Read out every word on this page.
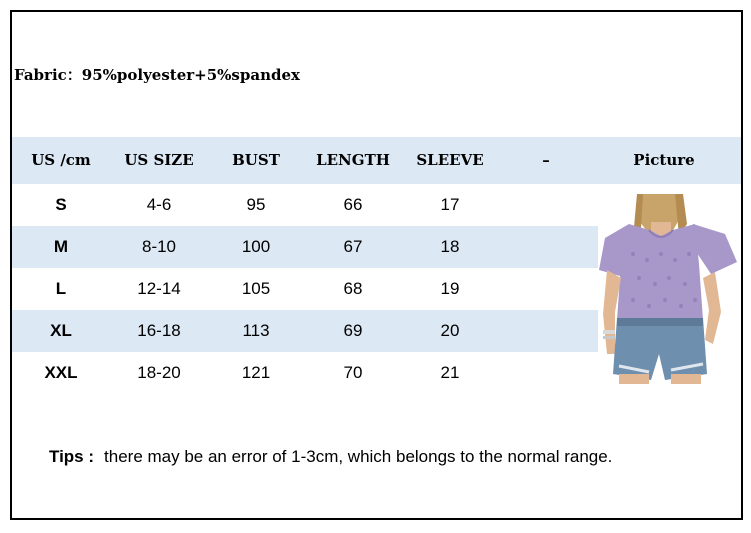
Fabric：95%polyester+5%spandex
US /cm	US SIZE	BUST	LENGTH	SLEEVE	–	Picture
S	4-6	95	66	17
M	8-10	100	67	18
L	12-14	105	68	19
XL	16-18	113	69	20
XXL	18-20	121	70	21
Tips : there may be an error of 1-3cm, which belongs to the normal range.
